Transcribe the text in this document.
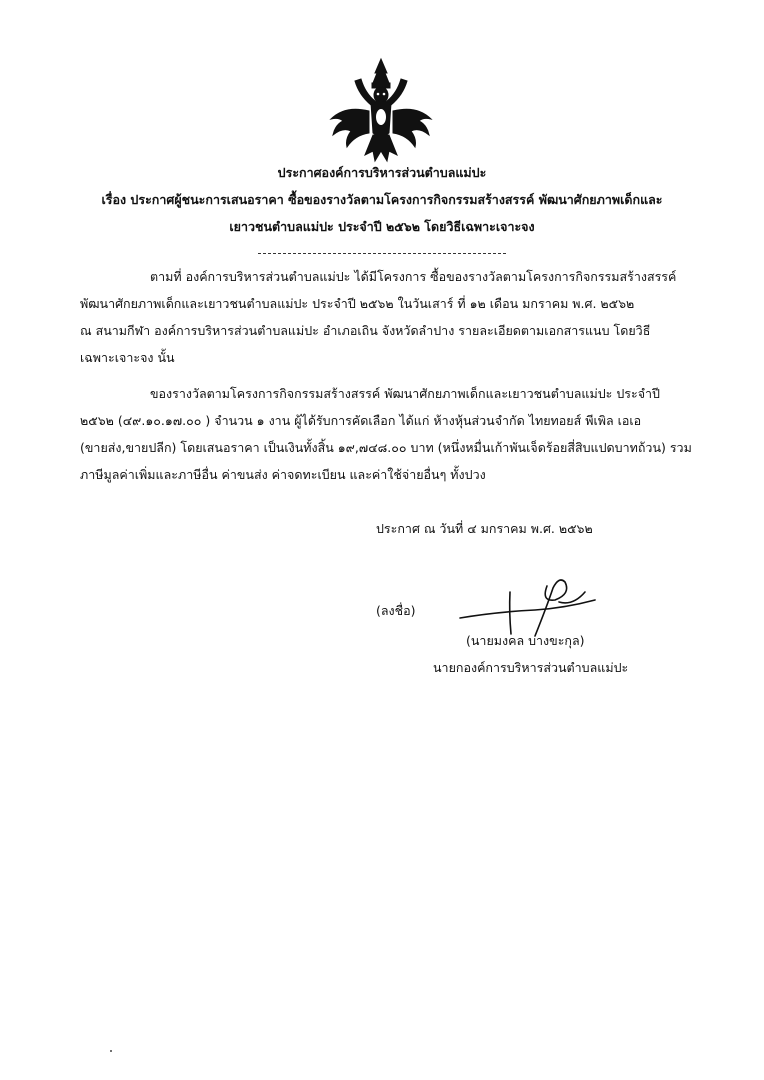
ประกาศองค์การบริหารส่วนตำบลแม่ปะ
เรื่อง ประกาศผู้ชนะการเสนอราคา ซื้อของรางวัลตามโครงการกิจกรรมสร้างสรรค์ พัฒนาศักยภาพเด็กและ
เยาวชนตำบลแม่ปะ ประจำปี ๒๕๖๒ โดยวิธีเฉพาะเจาะจง
ตามที่ องค์การบริหารส่วนตำบลแม่ปะ ได้มีโครงการ ซื้อของรางวัลตามโครงการกิจกรรมสร้างสรรค์
พัฒนาศักยภาพเด็กและเยาวชนตำบลแม่ปะ ประจำปี ๒๕๖๒ ในวันเสาร์ ที่ ๑๒ เดือน มกราคม พ.ศ. ๒๕๖๒
ณ สนามกีฬา องค์การบริหารส่วนตำบลแม่ปะ อำเภอเถิน จังหวัดลำปาง รายละเอียดตามเอกสารแนบ โดยวิธี
เฉพาะเจาะจง นั้น
ของรางวัลตามโครงการกิจกรรมสร้างสรรค์ พัฒนาศักยภาพเด็กและเยาวชนตำบลแม่ปะ ประจำปี
๒๕๖๒ (๔๙.๑๐.๑๗.๐๐ ) จำนวน ๑ งาน ผู้ได้รับการคัดเลือก ได้แก่ ห้างหุ้นส่วนจำกัด ไทยทอยส์ พีเพิล เอเอ
(ขายส่ง,ขายปลีก) โดยเสนอราคา เป็นเงินทั้งสิ้น ๑๙,๗๔๘.๐๐ บาท (หนึ่งหมื่นเก้าพันเจ็ดร้อยสี่สิบแปดบาทถ้วน) รวม
ภาษีมูลค่าเพิ่มและภาษีอื่น ค่าขนส่ง ค่าจดทะเบียน และค่าใช้จ่ายอื่นๆ ทั้งปวง
ประกาศ ณ วันที่ ๔ มกราคม พ.ศ. ๒๕๖๒
(ลงชื่อ)
(นายมงคล บางขะกุล)
นายกองค์การบริหารส่วนตำบลแม่ปะ
